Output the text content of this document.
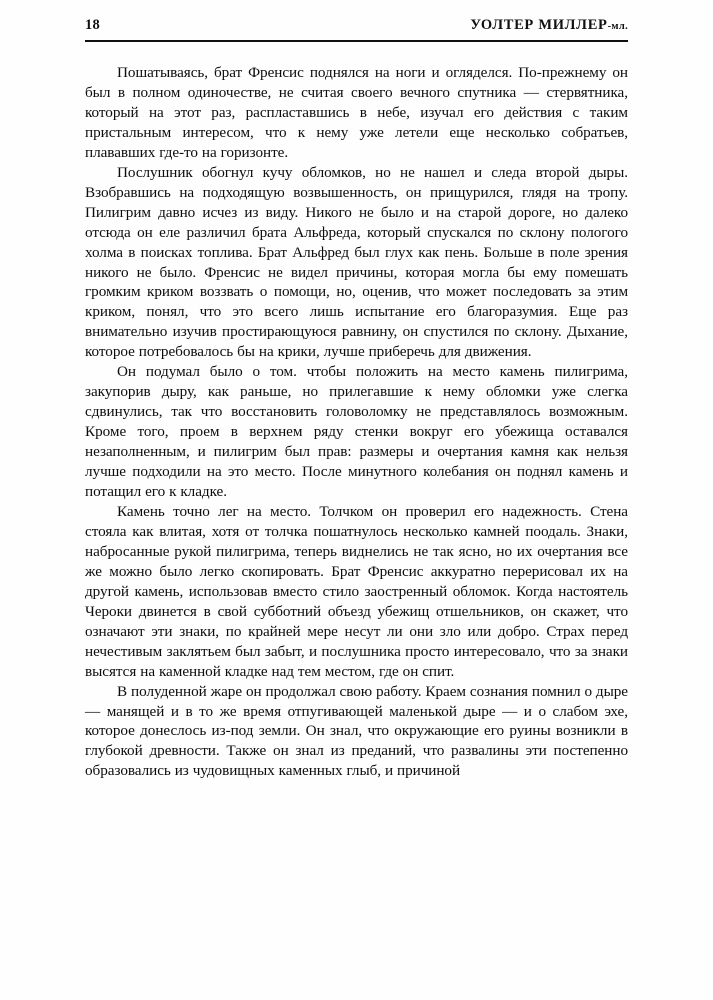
18	УОЛТЕР МИЛЛЕР-мл.

Пошатываясь, брат Френсис поднялся на ноги и огляделся. По-прежнему он был в полном одиночестве, не считая своего вечного спутника — стервятника, который на этот раз, распластавшись в небе, изучал его действия с таким пристальным интересом, что к нему уже летели еще несколько собратьев, плававших где-то на горизонте.

Послушник обогнул кучу обломков, но не нашел и следа второй дыры. Взобравшись на подходящую возвышенность, он прищурился, глядя на тропу. Пилигрим давно исчез из виду. Никого не было и на старой дороге, но далеко отсюда он еле различил брата Альфреда, который спускался по склону пологого холма в поисках топлива. Брат Альфред был глух как пень. Больше в поле зрения никого не было. Френсис не видел причины, которая могла бы ему помешать громким криком воззвать о помощи, но, оценив, что может последовать за этим криком, понял, что это всего лишь испытание его благоразумия. Еще раз внимательно изучив простирающуюся равнину, он спустился по склону. Дыхание, которое потребовалось бы на крики, лучше приберечь для движения.

Он подумал было о том. чтобы положить на место камень пилигрима, закупорив дыру, как раньше, но прилегавшие к нему обломки уже слегка сдвинулись, так что восстановить головоломку не представлялось возможным. Кроме того, проем в верхнем ряду стенки вокруг его убежища оставался незаполненным, и пилигрим был прав: размеры и очертания камня как нельзя лучше подходили на это место. После минутного колебания он поднял камень и потащил его к кладке.

Камень точно лег на место. Толчком он проверил его надежность. Стена стояла как влитая, хотя от толчка пошатнулось несколько камней поодаль. Знаки, набросанные рукой пилигрима, теперь виднелись не так ясно, но их очертания все же можно было легко скопировать. Брат Френсис аккуратно перерисовал их на другой камень, использовав вместо стило заостренный обломок. Когда настоятель Чероки двинется в свой субботний объезд убежищ отшельников, он скажет, что означают эти знаки, по крайней мере несут ли они зло или добро. Страх перед нечестивым заклятьем был забыт, и послушника просто интересовало, что за знаки высятся на каменной кладке над тем местом, где он спит.

В полуденной жаре он продолжал свою работу. Краем сознания помнил о дыре — манящей и в то же время отпугивающей маленькой дыре — и о слабом эхе, которое донеслось из-под земли. Он знал, что окружающие его руины возникли в глубокой древности. Также он знал из преданий, что развалины эти постепенно образовались из чудовищных каменных глыб, и причиной
